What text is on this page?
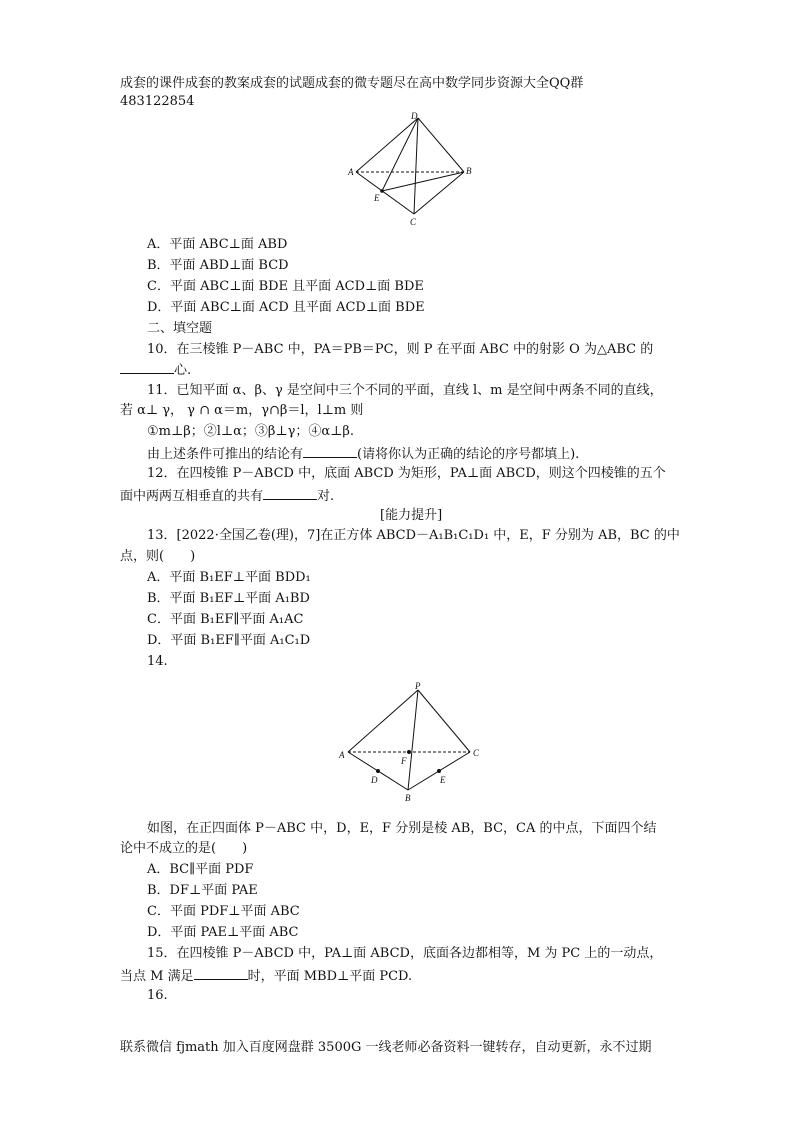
成套的课件成套的教案成套的试题成套的微专题尽在高中数学同步资源大全QQ群
483122854
D
A	B
E
C
A．平面 ABC⊥面 ABD
B．平面 ABD⊥面 BCD
C．平面 ABC⊥面 BDE 且平面 ACD⊥面 BDE
D．平面 ABC⊥面 ACD 且平面 ACD⊥面 BDE
二、填空题
10．在三棱锥 P－ABC 中，PA＝PB＝PC，则 P 在平面 ABC 中的射影 O 为△ABC 的
心.
11．已知平面 α、β、γ 是空间中三个不同的平面，直线 l、m 是空间中两条不同的直线，
若 α⊥ γ， γ ∩ α＝m，γ∩β＝l，l⊥m 则
①m⊥β；②l⊥α；③β⊥γ；④α⊥β.
由上述条件可推出的结论有	(请将你认为正确的结论的序号都填上).
12．在四棱锥 P－ABCD 中，底面 ABCD 为矩形，PA⊥面 ABCD，则这个四棱锥的五个
面中两两互相垂直的共有	对.
[能力提升]
13．[2022·全国乙卷(理)，7]在正方体 ABCD－A₁B₁C₁D₁ 中，E，F 分别为 AB，BC 的中
点，则(　　)
A．平面 B₁EF⊥平面 BDD₁
B．平面 B₁EF⊥平面 A₁BD
C．平面 B₁EF∥平面 A₁AC
D．平面 B₁EF∥平面 A₁C₁D
14.
P
A	C
F
D	E
B
如图，在正四面体 P－ABC 中，D，E，F 分别是棱 AB，BC，CA 的中点，下面四个结
论中不成立的是(　　)
A．BC∥平面 PDF
B．DF⊥平面 PAE
C．平面 PDF⊥平面 ABC
D．平面 PAE⊥平面 ABC
15．在四棱锥 P－ABCD 中，PA⊥面 ABCD，底面各边都相等，M 为 PC 上的一动点，
当点 M 满足	时，平面 MBD⊥平面 PCD.
16.
联系微信 fjmath 加入百度网盘群 3500G 一线老师必备资料一键转存，自动更新，永不过期
